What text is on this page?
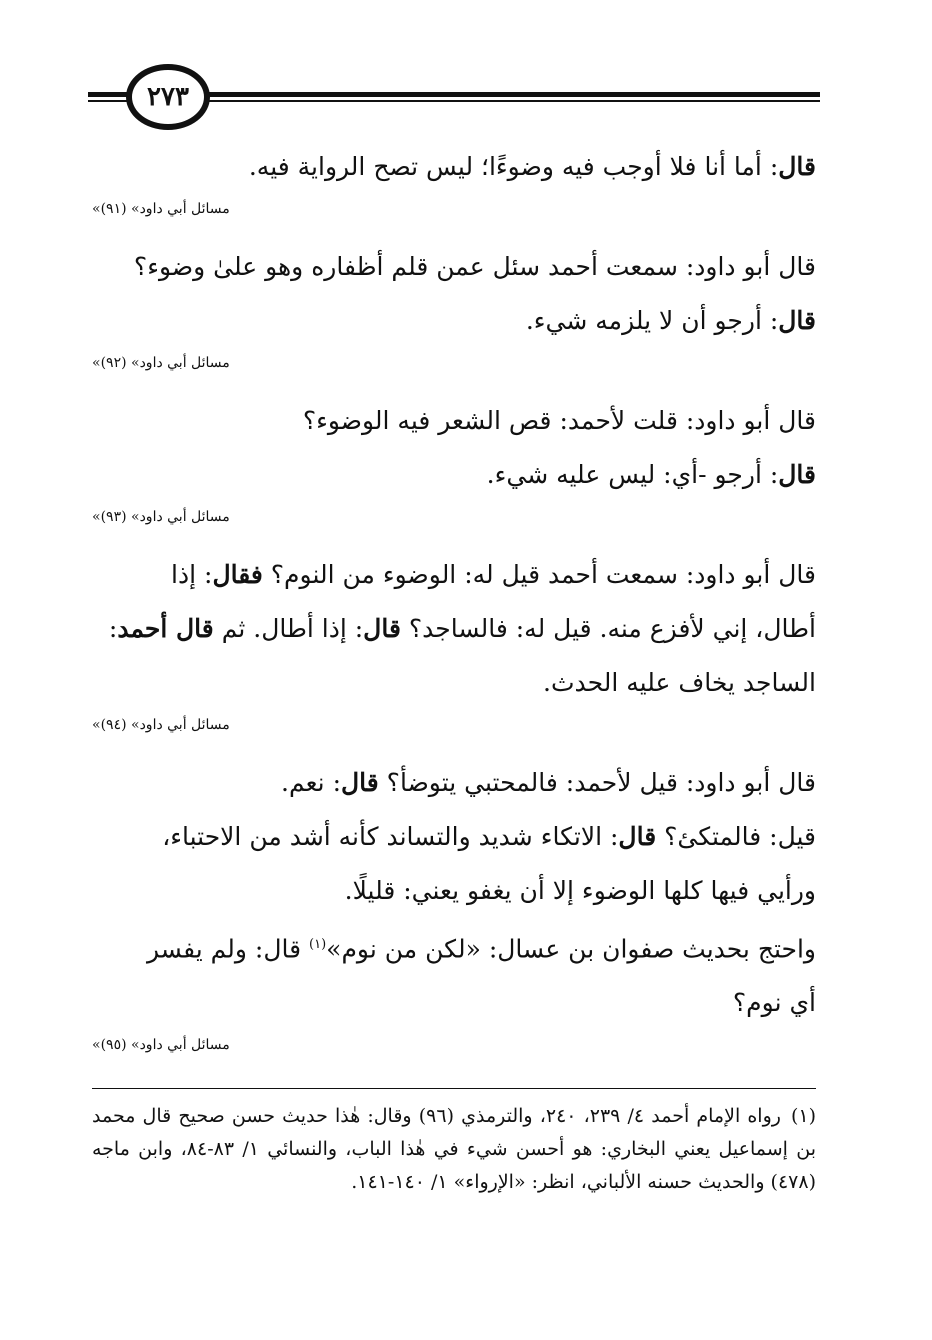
٢٧٣

قال: أما أنا فلا أوجب فيه وضوءًا؛ ليس تصح الرواية فيه.

«مسائل أبي داود» (٩١)

قال أبو داود: سمعت أحمد سئل عمن قلم أظفاره وهو علىٰ وضوء؟

قال: أرجو أن لا يلزمه شيء.

«مسائل أبي داود» (٩٢)

قال أبو داود: قلت لأحمد: قص الشعر فيه الوضوء؟

قال: أرجو -أي: ليس عليه شيء.

«مسائل أبي داود» (٩٣)

قال أبو داود: سمعت أحمد قيل له: الوضوء من النوم؟ فقال: إذا

أطال، إني لأفزع منه. قيل له: فالساجد؟ قال: إذا أطال. ثم قال أحمد:

الساجد يخاف عليه الحدث.

«مسائل أبي داود» (٩٤)

قال أبو داود: قيل لأحمد: فالمحتبي يتوضأ؟ قال: نعم.

قيل: فالمتكئ؟ قال: الاتكاء شديد والتساند كأنه أشد من الاحتباء،

ورأيي فيها كلها الوضوء إلا أن يغفو يعني: قليلًا.

واحتج بحديث صفوان بن عسال: «لكن من نوم»$^{(١)}$ قال: ولم يفسر

أي نوم؟

«مسائل أبي داود» (٩٥)
(١)رواه الإمام أحمد ٤/ ٢٣٩، ٢٤٠، والترمذي (٩٦) وقال: هٰذا حديث حسن صحيح قال محمد بن إسماعيل يعني البخاري: هو أحسن شيء في هٰذا الباب، والنسائي ١/ ٨٣-٨٤، وابن ماجه (٤٧٨) والحديث حسنه الألباني، انظر: «الإرواء» ١/ ١٤٠-١٤١.
